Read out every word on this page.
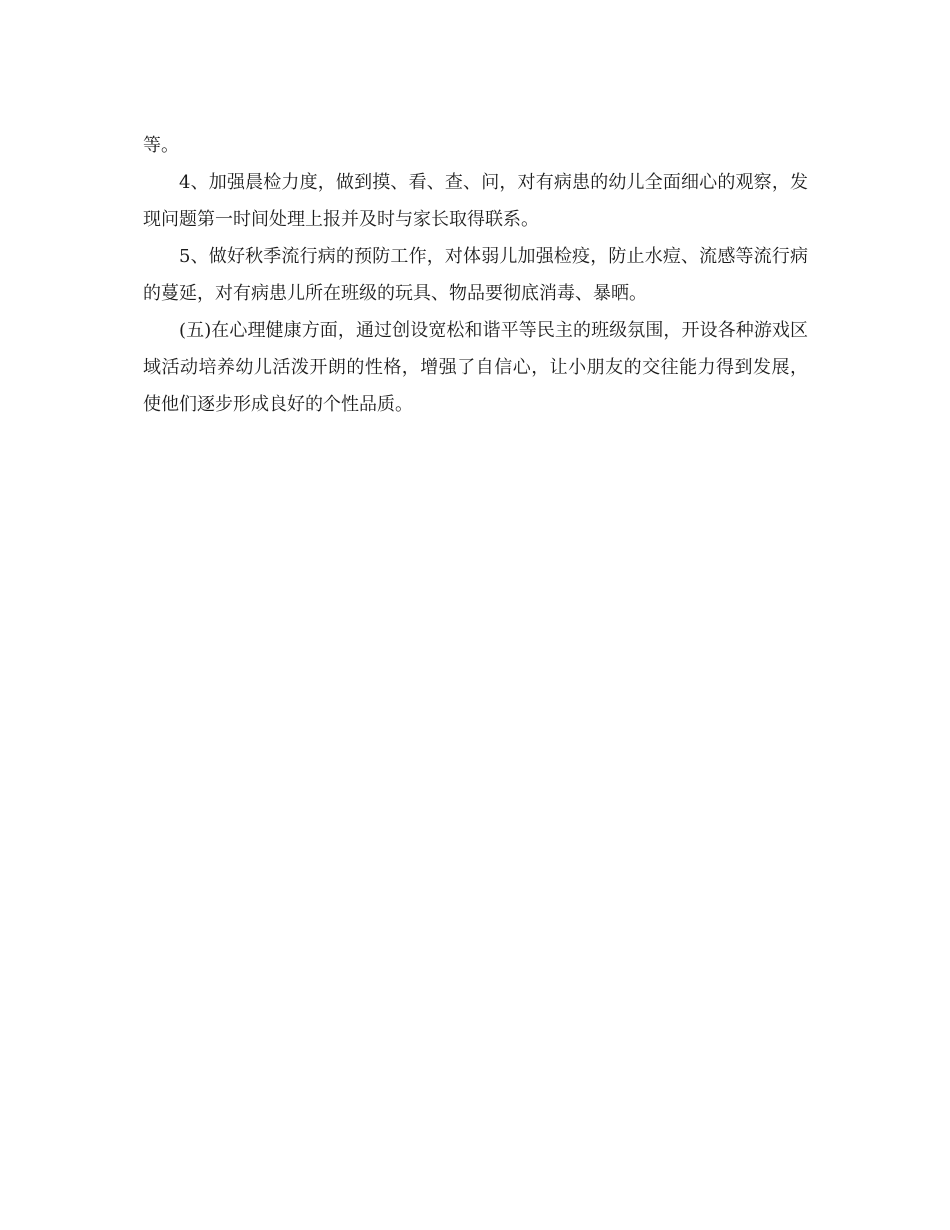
等。

4、加强晨检力度，做到摸、看、查、问，对有病患的幼儿全面细心的观察，发现问题第一时间处理上报并及时与家长取得联系。

5、做好秋季流行病的预防工作，对体弱儿加强检疫，防止水痘、流感等流行病的蔓延，对有病患儿所在班级的玩具、物品要彻底消毒、暴晒。

(五)在心理健康方面，通过创设宽松和谐平等民主的班级氛围，开设各种游戏区域活动培养幼儿活泼开朗的性格，增强了自信心，让小朋友的交往能力得到发展，使他们逐步形成良好的个性品质。
